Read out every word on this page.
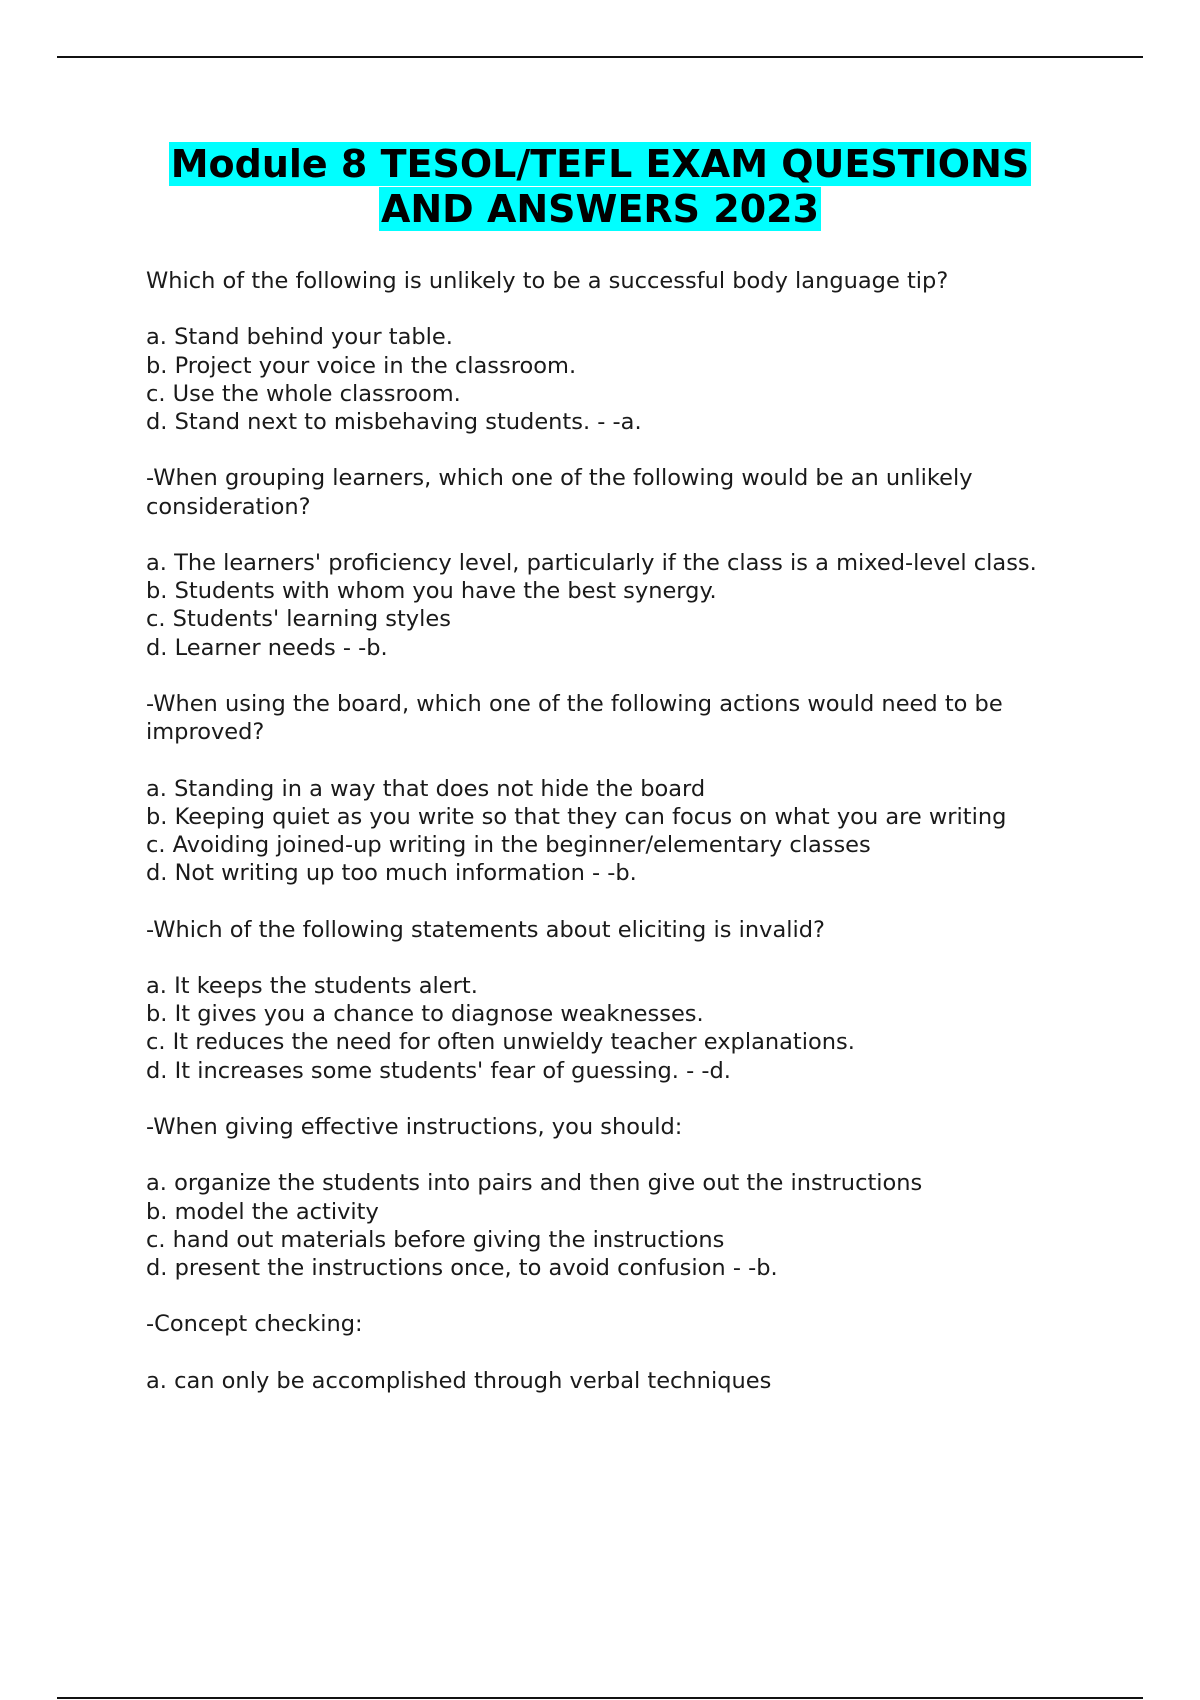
Module 8 TESOL/TEFL EXAM QUESTIONS
AND ANSWERS 2023

Which of the following is unlikely to be a successful body language tip?

a. Stand behind your table.

b. Project your voice in the classroom.

c. Use the whole classroom.

d. Stand next to misbehaving students. - -a.

-When grouping learners, which one of the following would be an unlikely consideration?

a. The learners' proficiency level, particularly if the class is a mixed-level class.

b. Students with whom you have the best synergy.

c. Students' learning styles

d. Learner needs - -b.

-When using the board, which one of the following actions would need to be improved?

a. Standing in a way that does not hide the board

b. Keeping quiet as you write so that they can focus on what you are writing

c. Avoiding joined-up writing in the beginner/elementary classes

d. Not writing up too much information - -b.

-Which of the following statements about eliciting is invalid?

a. It keeps the students alert.

b. It gives you a chance to diagnose weaknesses.

c. It reduces the need for often unwieldy teacher explanations.

d. It increases some students' fear of guessing. - -d.

-When giving effective instructions, you should:

a. organize the students into pairs and then give out the instructions

b. model the activity

c. hand out materials before giving the instructions

d. present the instructions once, to avoid confusion - -b.

-Concept checking:

a. can only be accomplished through verbal techniques
